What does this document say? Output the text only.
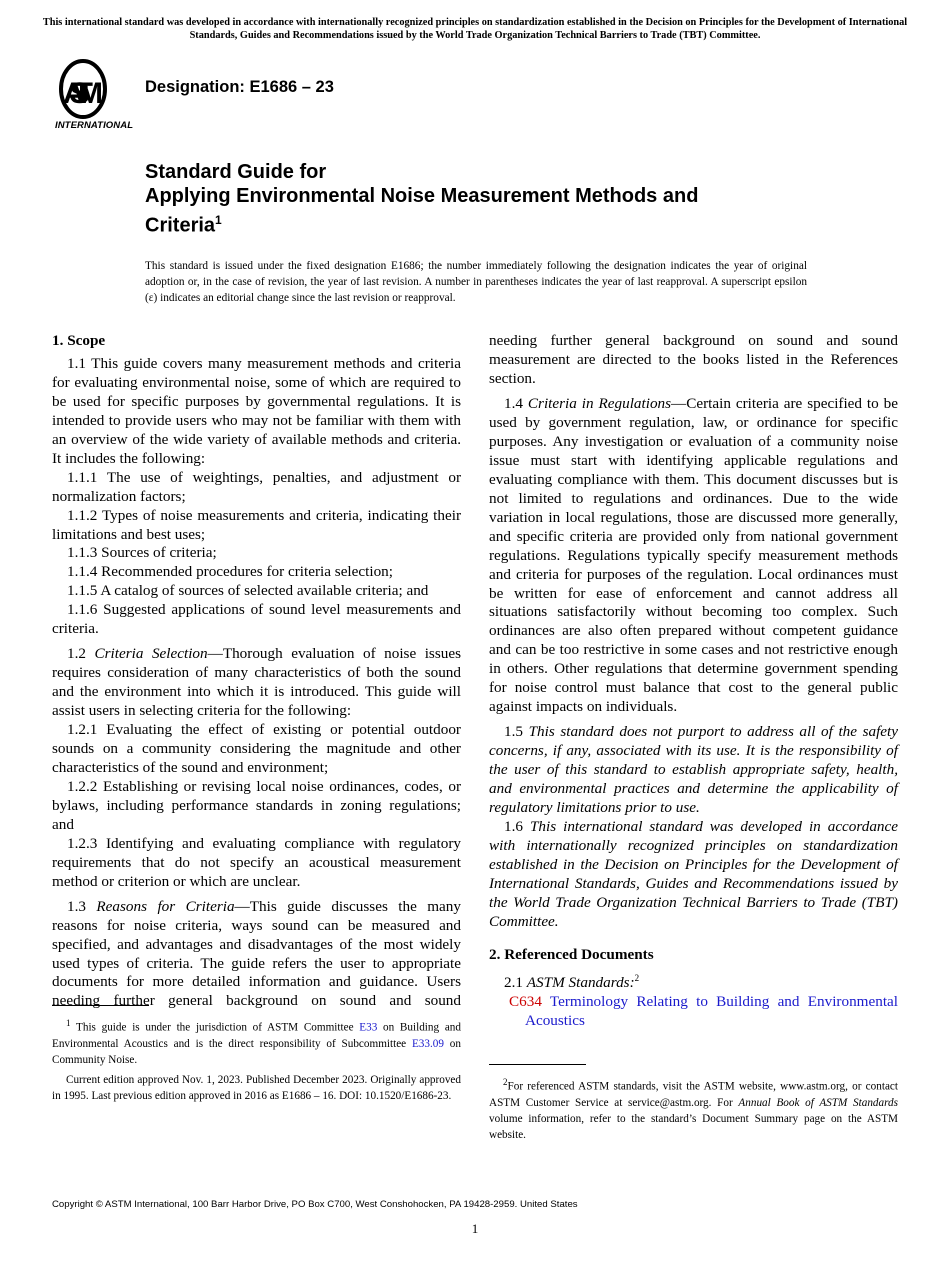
This international standard was developed in accordance with internationally recognized principles on standardization established in the Decision on Principles for the Development of International Standards, Guides and Recommendations issued by the World Trade Organization Technical Barriers to Trade (TBT) Committee.
ASTM
INTERNATIONAL
Designation: E1686 – 23
Standard Guide for
Applying Environmental Noise Measurement Methods and
Criteria$^1$
This standard is issued under the fixed designation E1686; the number immediately following the designation indicates the year of original adoption or, in the case of revision, the year of last revision. A number in parentheses indicates the year of last reapproval. A superscript epsilon (ε) indicates an editorial change since the last revision or reapproval.
1. Scope

1.1 This guide covers many measurement methods and criteria for evaluating environmental noise, some of which are required to be used for specific purposes by governmental regulations. It is intended to provide users who may not be familiar with them with an overview of the wide variety of available methods and criteria. It includes the following:

1.1.1 The use of weightings, penalties, and adjustment or normalization factors;

1.1.2 Types of noise measurements and criteria, indicating their limitations and best uses;

1.1.3 Sources of criteria;

1.1.4 Recommended procedures for criteria selection;

1.1.5 A catalog of sources of selected available criteria; and

1.1.6 Suggested applications of sound level measurements and criteria.

1.2 Criteria Selection—Thorough evaluation of noise issues requires consideration of many characteristics of both the sound and the environment into which it is introduced. This guide will assist users in selecting criteria for the following:

1.2.1 Evaluating the effect of existing or potential outdoor sounds on a community considering the magnitude and other characteristics of the sound and environment;

1.2.2 Establishing or revising local noise ordinances, codes, or bylaws, including performance standards in zoning regulations; and

1.2.3 Identifying and evaluating compliance with regulatory requirements that do not specify an acoustical measurement method or criterion or which are unclear.

1.3 Reasons for Criteria—This guide discusses the many reasons for noise criteria, ways sound can be measured and specified, and advantages and disadvantages of the most widely used types of criteria. The guide refers the user to appropriate documents for more detailed information and guidance. Users needing further general background on sound and sound

$^1$ This guide is under the jurisdiction of ASTM Committee E33 on Building and Environmental Acoustics and is the direct responsibility of Subcommittee E33.09 on Community Noise.

Current edition approved Nov. 1, 2023. Published December 2023. Originally approved in 1995. Last previous edition approved in 2016 as E1686 – 16. DOI: 10.1520/E1686-23.

needing further general background on sound and sound measurement are directed to the books listed in the References section.

1.4 Criteria in Regulations—Certain criteria are specified to be used by government regulation, law, or ordinance for specific purposes. Any investigation or evaluation of a community noise issue must start with identifying applicable regulations and evaluating compliance with them. This document discusses but is not limited to regulations and ordinances. Due to the wide variation in local regulations, those are discussed more generally, and specific criteria are provided only from national government regulations. Regulations typically specify measurement methods and criteria for purposes of the regulation. Local ordinances must be written for ease of enforcement and cannot address all situations satisfactorily without becoming too complex. Such ordinances are also often prepared without competent guidance and can be too restrictive in some cases and not restrictive enough in others. Other regulations that determine government spending for noise control must balance that cost to the general public against impacts on individuals.

1.5 This standard does not purport to address all of the safety concerns, if any, associated with its use. It is the responsibility of the user of this standard to establish appropriate safety, health, and environmental practices and determine the applicability of regulatory limitations prior to use.

1.6 This international standard was developed in accordance with internationally recognized principles on standardization established in the Decision on Principles for the Development of International Standards, Guides and Recommendations issued by the World Trade Organization Technical Barriers to Trade (TBT) Committee.

2. Referenced Documents

2.1 ASTM Standards:$^2$

C634 Terminology Relating to Building and Environmental Acoustics

$^2$For referenced ASTM standards, visit the ASTM website, www.astm.org, or contact ASTM Customer Service at service@astm.org. For Annual Book of ASTM Standards volume information, refer to the standard’s Document Summary page on the ASTM website.

Copyright © ASTM International, 100 Barr Harbor Drive, PO Box C700, West Conshohocken, PA 19428-2959. United States
1
